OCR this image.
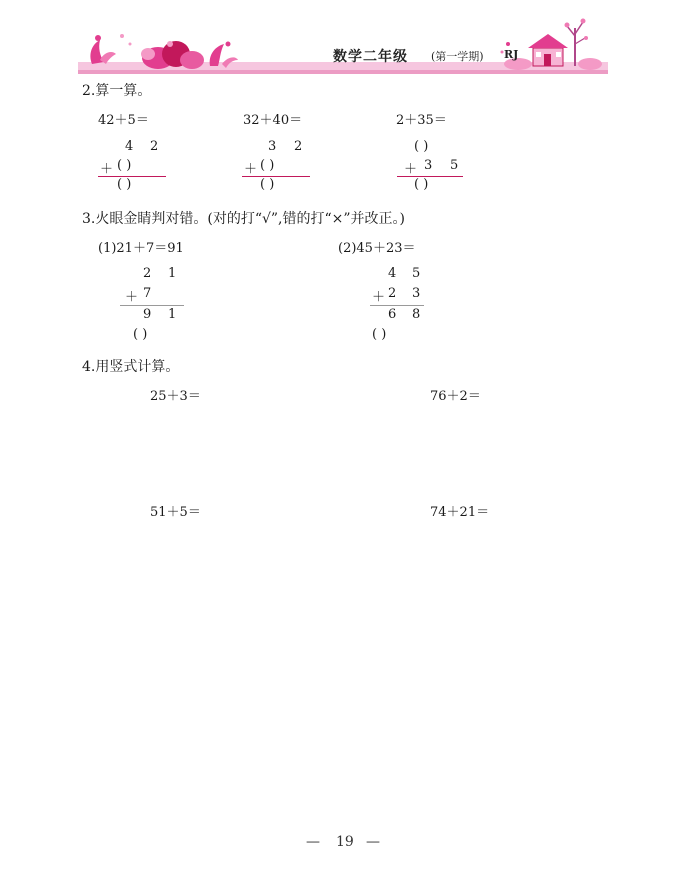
数学二年级 (第一学期) RJ
2.算一算。
42＋5＝
4 2
＋ ( )
( )
32＋40＝
3 2
＋ ( )
( )
2＋35＝
( )
＋ 3 5
( )
3.火眼金睛判对错。(对的打“√”,错的打“×”并改正。)
(1)21＋7＝91
2 1
＋ 7
9 1
( )
(2)45＋23＝
4 5
＋ 2 3
6 8
( )
4.用竖式计算。
25＋3＝	76＋2＝
51＋5＝	74＋21＝
— 19 —
